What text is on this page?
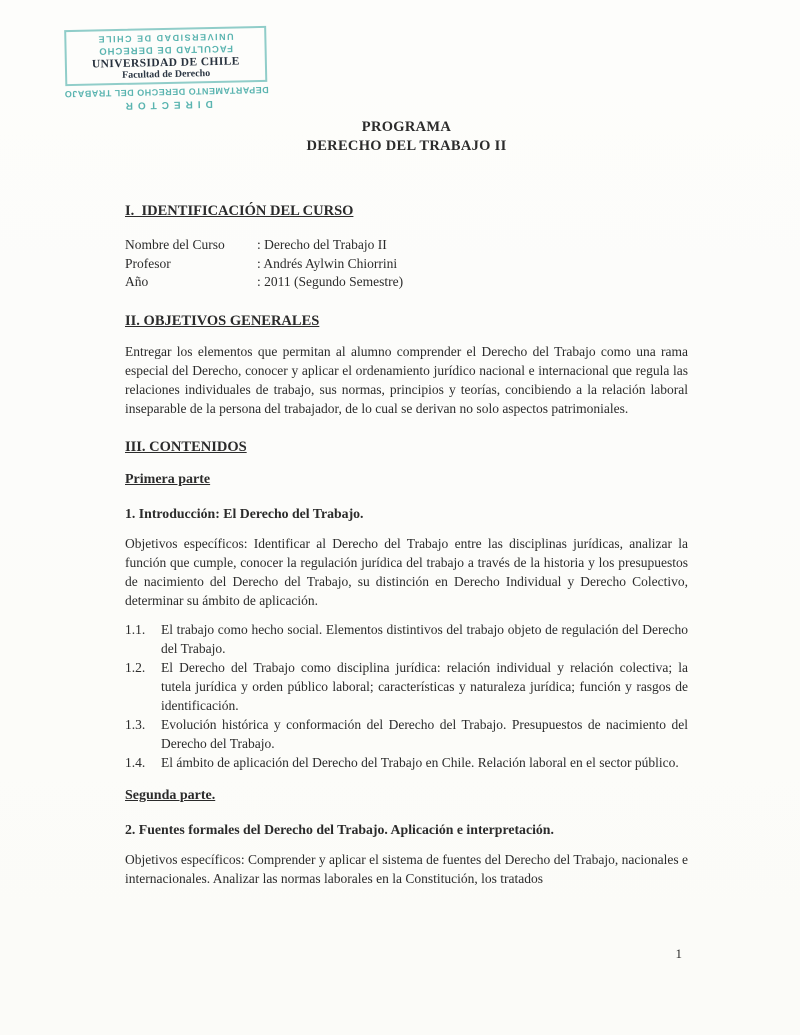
UNIVERSIDAD DE CHILE
FACULTAD DE DERECHO
UNIVERSIDAD DE CHILE
Facultad de Derecho
DEPARTAMENTO DERECHO DEL TRABAJO
DIRECTOR
PROGRAMA
DERECHO DEL TRABAJO II
I.  IDENTIFICACIÓN DEL CURSO
Nombre del Curso	: Derecho del Trabajo II
Profesor	: Andrés Aylwin Chiorrini
Año	: 2011 (Segundo Semestre)
II. OBJETIVOS GENERALES

Entregar los elementos que permitan al alumno comprender el Derecho del Trabajo como una rama especial del Derecho, conocer y aplicar el ordenamiento jurídico nacional e internacional que regula las relaciones individuales de trabajo, sus normas, principios y teorías, concibiendo a la relación laboral inseparable de la persona del trabajador, de lo cual se derivan no solo aspectos patrimoniales.

III. CONTENIDOS
Primera parte
1. Introducción: El Derecho del Trabajo.

Objetivos específicos: Identificar al Derecho del Trabajo entre las disciplinas jurídicas, analizar la función que cumple, conocer la regulación jurídica del trabajo a través de la historia y los presupuestos de nacimiento del Derecho del Trabajo, su distinción en Derecho Individual y Derecho Colectivo, determinar su ámbito de aplicación.

1.1.	El trabajo como hecho social. Elementos distintivos del trabajo objeto de regulación del Derecho del Trabajo.
1.2.	El Derecho del Trabajo como disciplina jurídica: relación individual y relación colectiva; la tutela jurídica y orden público laboral; características y naturaleza jurídica; función y rasgos de identificación.
1.3.	Evolución histórica y conformación del Derecho del Trabajo. Presupuestos de nacimiento del Derecho del Trabajo.
1.4.	El ámbito de aplicación del Derecho del Trabajo en Chile. Relación laboral en el sector público.
Segunda parte.
2. Fuentes formales del Derecho del Trabajo. Aplicación e interpretación.

Objetivos específicos: Comprender y aplicar el sistema de fuentes del Derecho del Trabajo, nacionales e internacionales. Analizar las normas laborales en la Constitución, los tratados

1
